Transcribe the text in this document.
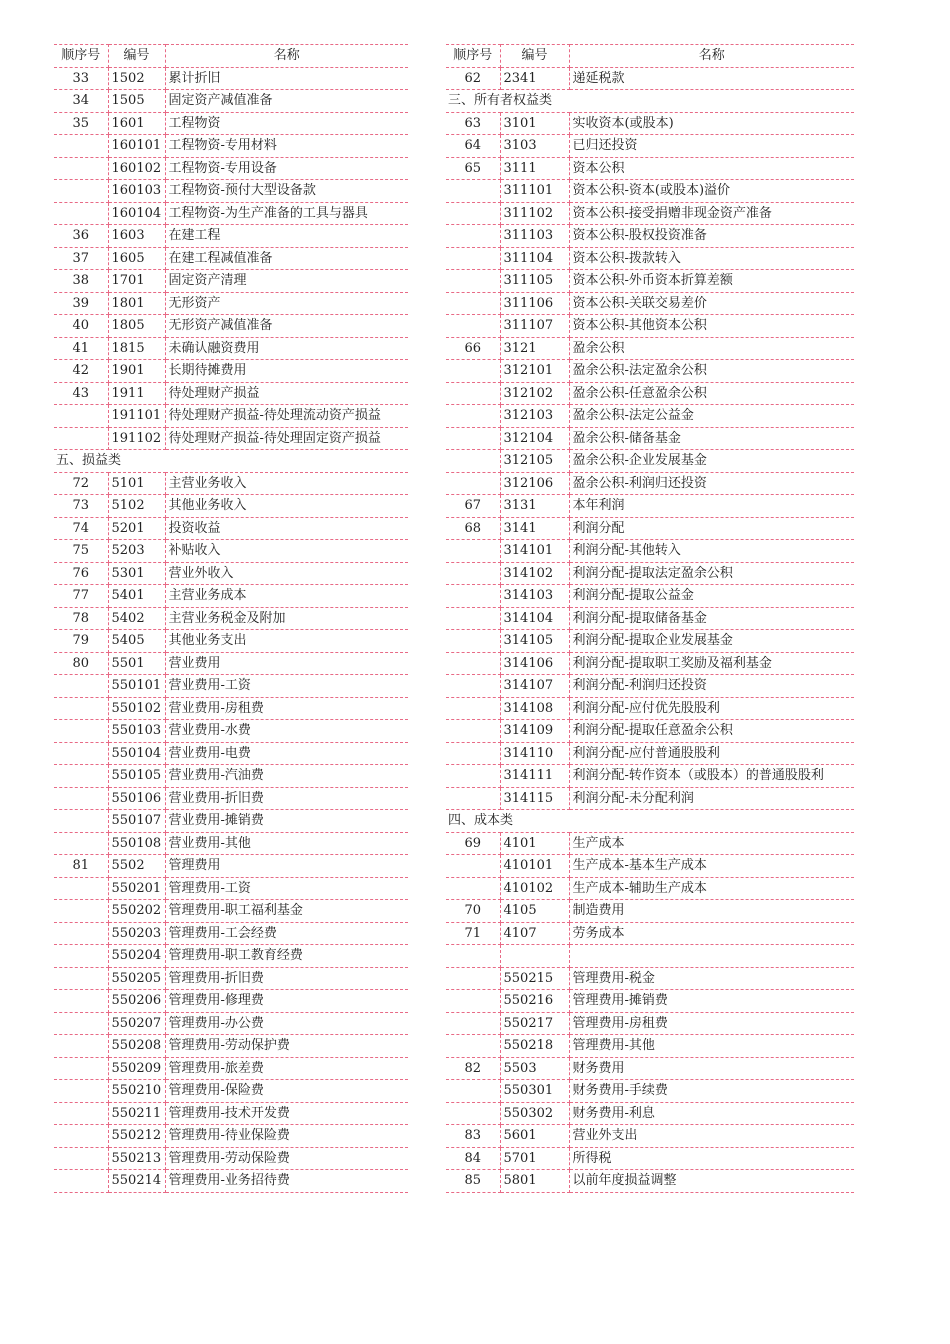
顺序号	编号	名称
33	1502	累计折旧
34	1505	固定资产减值准备
35	1601	工程物资
	160101	工程物资-专用材料
	160102	工程物资-专用设备
	160103	工程物资-预付大型设备款
	160104	工程物资-为生产准备的工具与器具
36	1603	在建工程
37	1605	在建工程减值准备
38	1701	固定资产清理
39	1801	无形资产
40	1805	无形资产减值准备
41	1815	未确认融资费用
42	1901	长期待摊费用
43	1911	待处理财产损益
	191101	待处理财产损益-待处理流动资产损益
	191102	待处理财产损益-待处理固定资产损益
五、损益类		
72	5101	主营业务收入
73	5102	其他业务收入
74	5201	投资收益
75	5203	补贴收入
76	5301	营业外收入
77	5401	主营业务成本
78	5402	主营业务税金及附加
79	5405	其他业务支出
80	5501	营业费用
	550101	营业费用-工资
	550102	营业费用-房租费
	550103	营业费用-水费
	550104	营业费用-电费
	550105	营业费用-汽油费
	550106	营业费用-折旧费
	550107	营业费用-摊销费
	550108	营业费用-其他
81	5502	管理费用
	550201	管理费用-工资
	550202	管理费用-职工福利基金
	550203	管理费用-工会经费
	550204	管理费用-职工教育经费
	550205	管理费用-折旧费
	550206	管理费用-修理费
	550207	管理费用-办公费
	550208	管理费用-劳动保护费
	550209	管理费用-旅差费
	550210	管理费用-保险费
	550211	管理费用-技术开发费
	550212	管理费用-待业保险费
	550213	管理费用-劳动保险费
	550214	管理费用-业务招待费
顺序号	编号	名称
62	2341	递延税款
三、所有者权益类		
63	3101	实收资本(或股本)
64	3103	已归还投资
65	3111	资本公积
	311101	资本公积-资本(或股本)溢价
	311102	资本公积-接受捐赠非现金资产准备
	311103	资本公积-股权投资准备
	311104	资本公积-拨款转入
	311105	资本公积-外币资本折算差额
	311106	资本公积-关联交易差价
	311107	资本公积-其他资本公积
66	3121	盈余公积
	312101	盈余公积-法定盈余公积
	312102	盈余公积-任意盈余公积
	312103	盈余公积-法定公益金
	312104	盈余公积-储备基金
	312105	盈余公积-企业发展基金
	312106	盈余公积-利润归还投资
67	3131	本年利润
68	3141	利润分配
	314101	利润分配-其他转入
	314102	利润分配-提取法定盈余公积
	314103	利润分配-提取公益金
	314104	利润分配-提取储备基金
	314105	利润分配-提取企业发展基金
	314106	利润分配-提取职工奖励及福利基金
	314107	利润分配-利润归还投资
	314108	利润分配-应付优先股股利
	314109	利润分配-提取任意盈余公积
	314110	利润分配-应付普通股股利
	314111	利润分配-转作资本（或股本）的普通股股利
	314115	利润分配-未分配利润
四、成本类		
69	4101	生产成本
	410101	生产成本-基本生产成本
	410102	生产成本-辅助生产成本
70	4105	制造费用
71	4107	劳务成本

	550215	管理费用-税金
	550216	管理费用-摊销费
	550217	管理费用-房租费
	550218	管理费用-其他
82	5503	财务费用
	550301	财务费用-手续费
	550302	财务费用-利息
83	5601	营业外支出
84	5701	所得税
85	5801	以前年度损益调整
